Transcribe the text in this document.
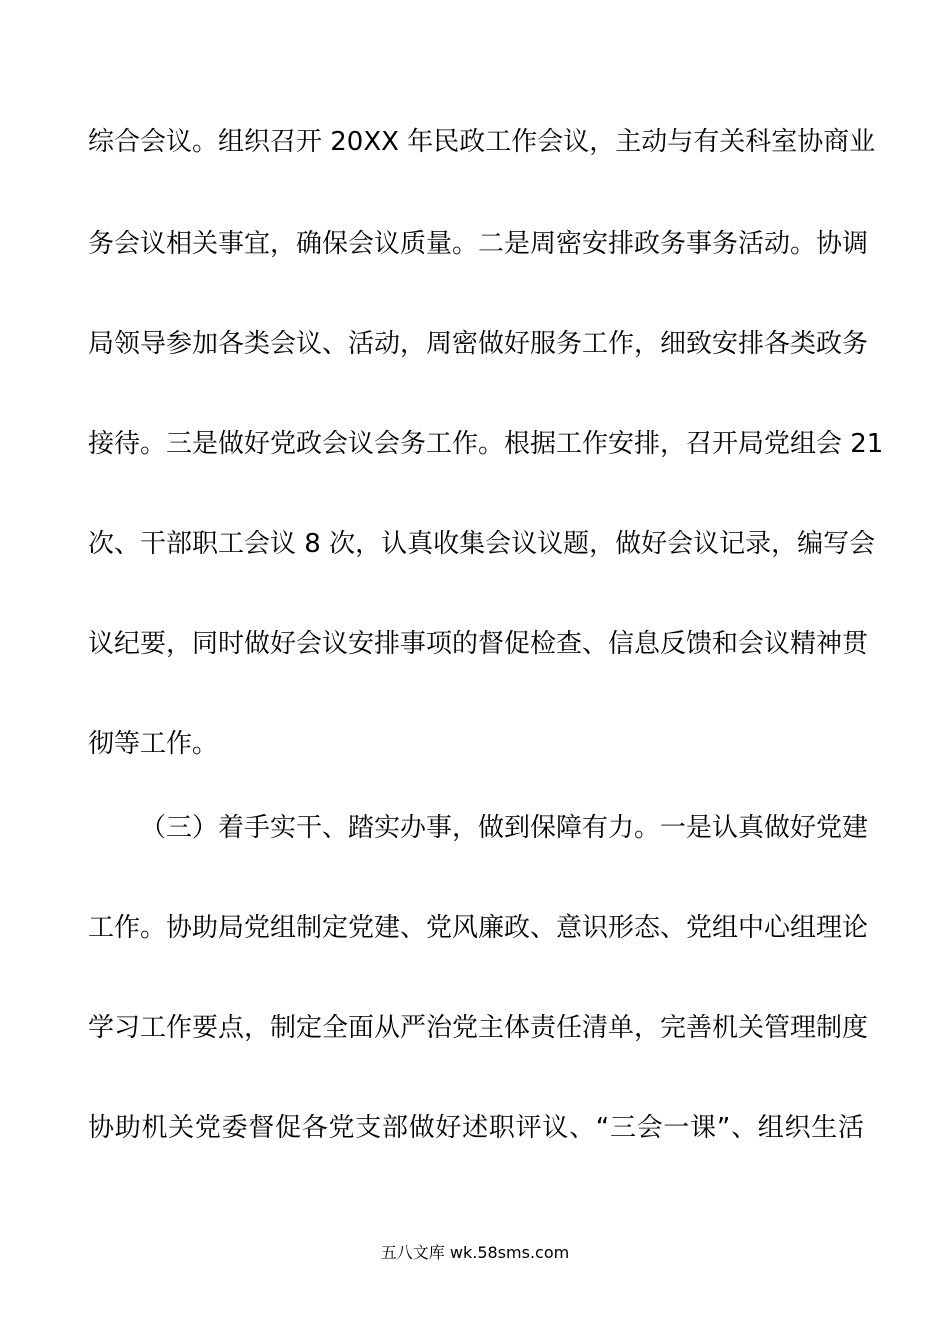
综合会议。组织召开 20XX 年民政工作会议，主动与有关科室协商业
务会议相关事宜，确保会议质量。二是周密安排政务事务活动。协调
局领导参加各类会议、活动，周密做好服务工作，细致安排各类政务
接待。三是做好党政会议会务工作。根据工作安排，召开局党组会 21
次、干部职工会议 8 次，认真收集会议议题，做好会议记录，编写会
议纪要，同时做好会议安排事项的督促检查、信息反馈和会议精神贯
彻等工作。
（三）着手实干、踏实办事，做到保障有力。一是认真做好党建
工作。协助局党组制定党建、党风廉政、意识形态、党组中心组理论
学习工作要点，制定全面从严治党主体责任清单，完善机关管理制度
协助机关党委督促各党支部做好述职评议、“三会一课”、组织生活
五八文库 wk.58sms.com
